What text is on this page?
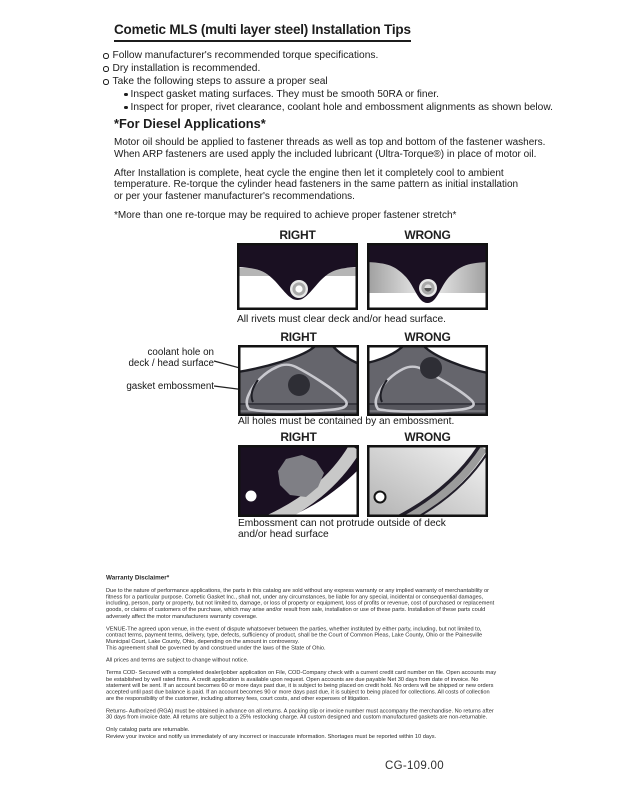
Cometic MLS (multi layer steel) Installation Tips
Follow manufacturer's recommended torque specifications.
Dry installation is recommended.
Take the following steps to assure a proper seal
Inspect gasket mating surfaces. They must be smooth 50RA or finer.
Inspect for proper, rivet clearance, coolant hole and embossment alignments as shown below.
*For Diesel Applications*
Motor oil should be applied to fastener threads as well as top and bottom of the fastener washers.
When ARP fasteners are used apply the included lubricant (Ultra-Torque®) in place of motor oil.
After Installation is complete, heat cycle the engine then let it completely cool to ambient
temperature. Re-torque the cylinder head fasteners in the same pattern as initial installation
or per your fastener manufacturer's recommendations.
*More than one re-torque may be required to achieve proper fastener stretch*
RIGHT	WRONG
All rivets must clear deck and/or head surface.
coolant hole on
deck / head surface
gasket embossment
RIGHT	WRONG
All holes must be contained by an embossment.
RIGHT	WRONG
Embossment can not protrude outside of deck
and/or head surface
Warranty Disclaimer*
Due to the nature of performance applications, the parts in this catalog are sold without any express warranty or any implied warranty of merchantability or
fitness for a particular purpose. Cometic Gasket Inc., shall not, under any circumstances, be liable for any special, incidental or consequential damages,
including, person, party or property, but not limited to, damage, or loss of property or equipment, loss of profits or revenue, cost of purchased or replacement
goods, or claims of customers of the purchase, which may arise and/or result from sale, installation or use of these parts. Installation of these parts could
adversely affect the motor manufacturers warranty coverage.
VENUE-The agreed upon venue, in the event of dispute whatsoever between the parties, whether instituted by either party, including, but not limited to,
contract terms, payment terms, delivery, type, defects, sufficiency of product, shall be the Court of Common Pleas, Lake County, Ohio or the Painesville
Municipal Court, Lake County, Ohio, depending on the amount in controversy.
This agreement shall be governed by and construed under the laws of the State of Ohio.
All prices and terms are subject to change without notice.
Terms COD- Secured with a completed dealer/jobber application on File, COD-Company check with a current credit card number on file. Open accounts may
be established by well rated firms. A credit application is available upon request. Open accounts are due payable Net 30 days from date of invoice. No
statement will be sent. If an account becomes 60 or more days past due, it is subject to being placed on credit hold. No orders will be shipped or new orders
accepted until past due balance is paid. If an account becomes 90 or more days past due, it is subject to being placed for collections. All costs of collection
are the responsibility of the customer, including attorney fees, court costs, and other expenses of litigation.
Returns- Authorized (RGA) must be obtained in advance on all returns. A packing slip or invoice number must accompany the merchandise. No returns after
30 days from invoice date. All returns are subject to a 25% restocking charge. All custom designed and custom manufactured gaskets are non-returnable.
Only catalog parts are returnable.
Review your invoice and notify us immediately of any incorrect or inaccurate information. Shortages must be reported within 10 days.
CG-109.00
